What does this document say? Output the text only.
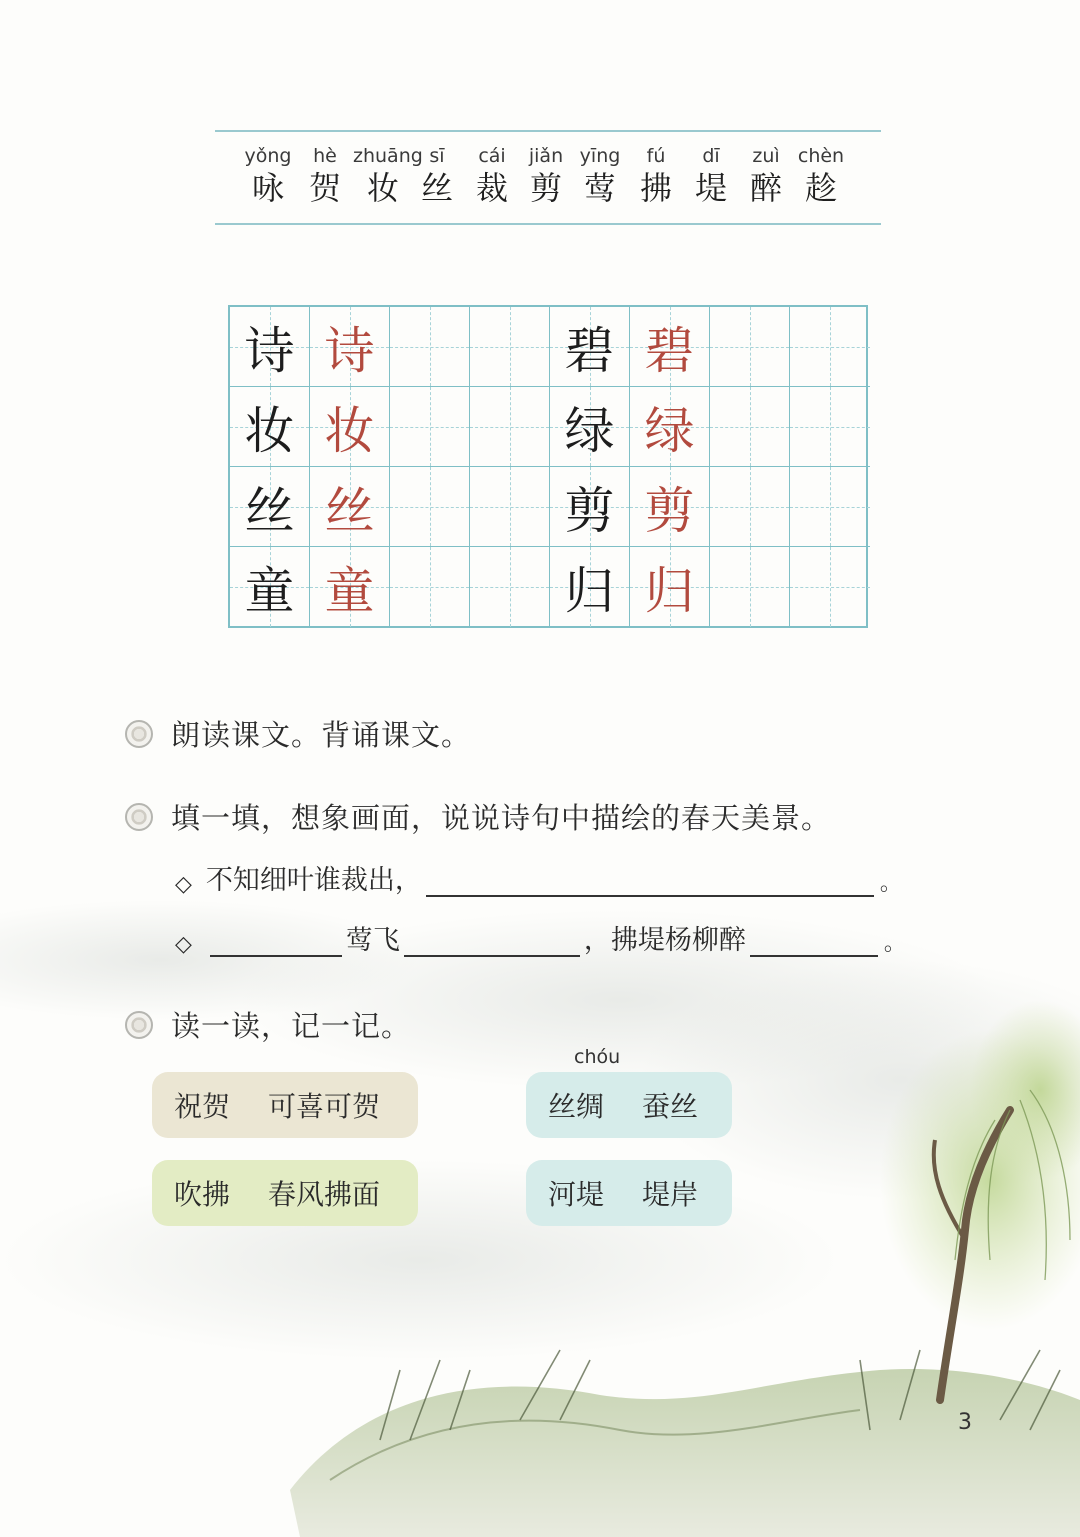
yǒng
咏
hè
贺
zhuāng
妆
sī
丝
cái
裁
jiǎn
剪
yīng
莺
fú
拂
dī
堤
zuì
醉
chèn
趁
诗 诗	碧 碧
妆 妆	绿 绿
丝 丝	剪 剪
童 童	归 归
朗读课文。背诵课文。
填一填，想象画面，说说诗句中描绘的春天美景。
◇ 不知细叶谁裁出，	。
◇	莺飞	，拂堤杨柳醉	。
读一读，记一记。
祝贺 可喜可贺
chóu
丝绸 蚕丝
吹拂 春风拂面	河堤 堤岸
3
